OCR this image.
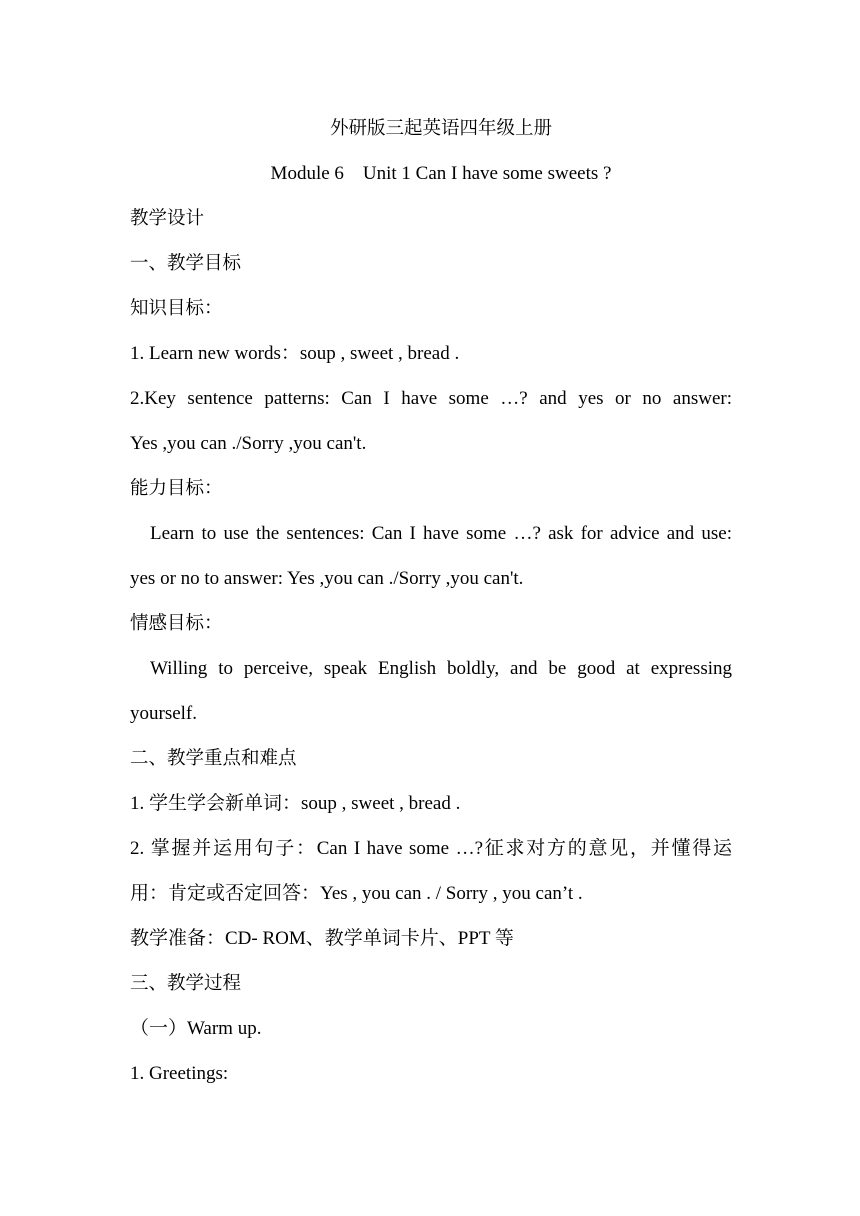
外研版三起英语四年级上册
Module 6    Unit 1 Can I have some sweets ?
教学设计
一、教学目标
知识目标：
1. Learn new words：soup , sweet , bread .
2.Key sentence patterns: Can I have some …? and yes or no answer:
Yes ,you can ./Sorry ,you can't.
能力目标：
Learn to use the sentences: Can I have some …? ask for advice and use:
yes or no to answer: Yes ,you can ./Sorry ,you can't.
情感目标：
Willing to perceive, speak English boldly, and be good at expressing
yourself.
二、教学重点和难点
1. 学生学会新单词：soup , sweet , bread .
2. 掌握并运用句子：Can I have some …?征求对方的意见，并懂得运
用：肯定或否定回答：Yes , you can . / Sorry , you can’t .
教学准备：CD- ROM、教学单词卡片、PPT 等
三、教学过程
（一）Warm up.
1. Greetings:
